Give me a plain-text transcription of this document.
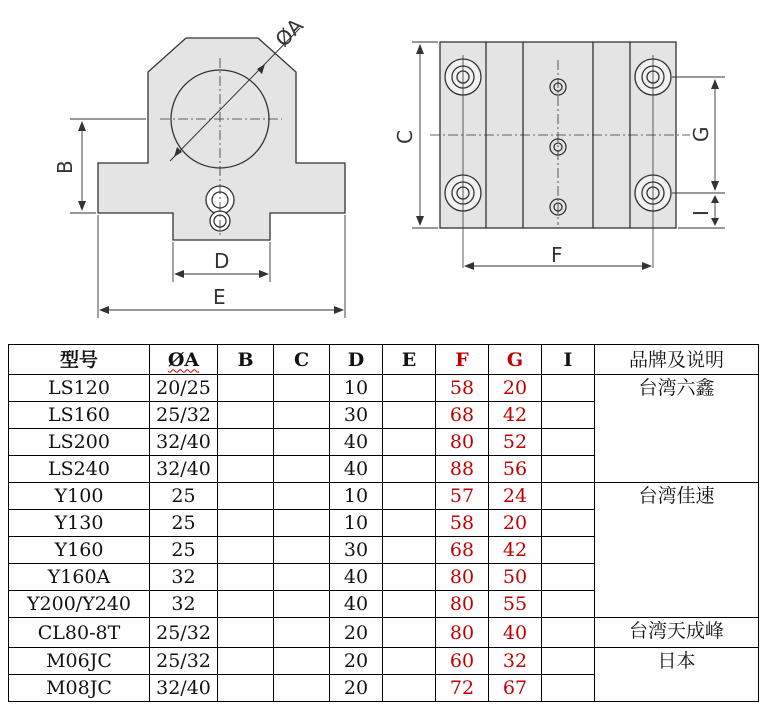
ØA
B
D
E
C	G
I
F
型号	ØA	B	C	D	E	F	G	I	品牌及说明
LS120	20/25			10		58	20		台湾六鑫
LS160	25/32			30		68	42		
LS200	32/40			40		80	52		
LS240	32/40			40		88	56		
Y100	25			10		57	24		台湾佳速
Y130	25			10		58	20		
Y160	25			30		68	42		
Y160A	32			40		80	50		
Y200/Y240	32			40		80	55		
CL80-8T	25/32			20		80	40		台湾天成峰
M06JC	25/32			20		60	32		日本
M08JC	32/40			20		72	67		
